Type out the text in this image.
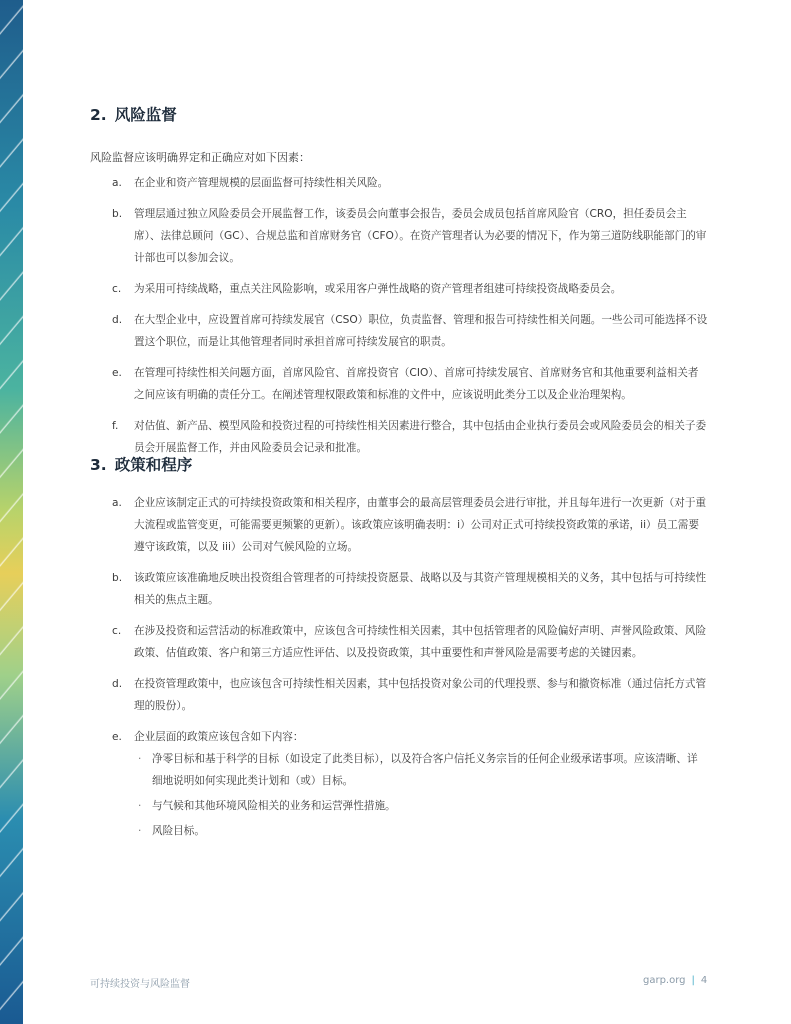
2. 风险监督
风险监督应该明确界定和正确应对如下因素：
a. 在企业和资产管理规模的层面监督可持续性相关风险。
b. 管理层通过独立风险委员会开展监督工作，该委员会向董事会报告，委员会成员包括首席风险官（CRO，担任委员会主席）、法律总顾问（GC）、合规总监和首席财务官（CFO）。在资产管理者认为必要的情况下，作为第三道防线职能部门的审计部也可以参加会议。
c. 为采用可持续战略，重点关注风险影响，或采用客户弹性战略的资产管理者组建可持续投资战略委员会。
d. 在大型企业中，应设置首席可持续发展官（CSO）职位，负责监督、管理和报告可持续性相关问题。一些公司可能选择不设置这个职位，而是让其他管理者同时承担首席可持续发展官的职责。
e. 在管理可持续性相关问题方面，首席风险官、首席投资官（CIO）、首席可持续发展官、首席财务官和其他重要利益相关者之间应该有明确的责任分工。在阐述管理权限政策和标准的文件中，应该说明此类分工以及企业治理架构。
f. 对估值、新产品、模型风险和投资过程的可持续性相关因素进行整合，其中包括由企业执行委员会或风险委员会的相关子委员会开展监督工作，并由风险委员会记录和批准。
3. 政策和程序
a. 企业应该制定正式的可持续投资政策和相关程序，由董事会的最高层管理委员会进行审批，并且每年进行一次更新（对于重大流程或监管变更，可能需要更频繁的更新）。该政策应该明确表明：i）公司对正式可持续投资政策的承诺，ii）员工需要遵守该政策，以及 iii）公司对气候风险的立场。
b. 该政策应该准确地反映出投资组合管理者的可持续投资愿景、战略以及与其资产管理规模相关的义务，其中包括与可持续性相关的焦点主题。
c. 在涉及投资和运营活动的标准政策中，应该包含可持续性相关因素，其中包括管理者的风险偏好声明、声誉风险政策、风险政策、估值政策、客户和第三方适应性评估、以及投资政策，其中重要性和声誉风险是需要考虑的关键因素。
d. 在投资管理政策中，也应该包含可持续性相关因素，其中包括投资对象公司的代理投票、参与和撤资标准（通过信托方式管理的股份）。
e. 企业层面的政策应该包含如下内容：
· 净零目标和基于科学的目标（如设定了此类目标），以及符合客户信托义务宗旨的任何企业级承诺事项。应该清晰、详细地说明如何实现此类计划和（或）目标。
· 与气候和其他环境风险相关的业务和运营弹性措施。
· 风险目标。
可持续投资与风险监督	garp.org | 4
